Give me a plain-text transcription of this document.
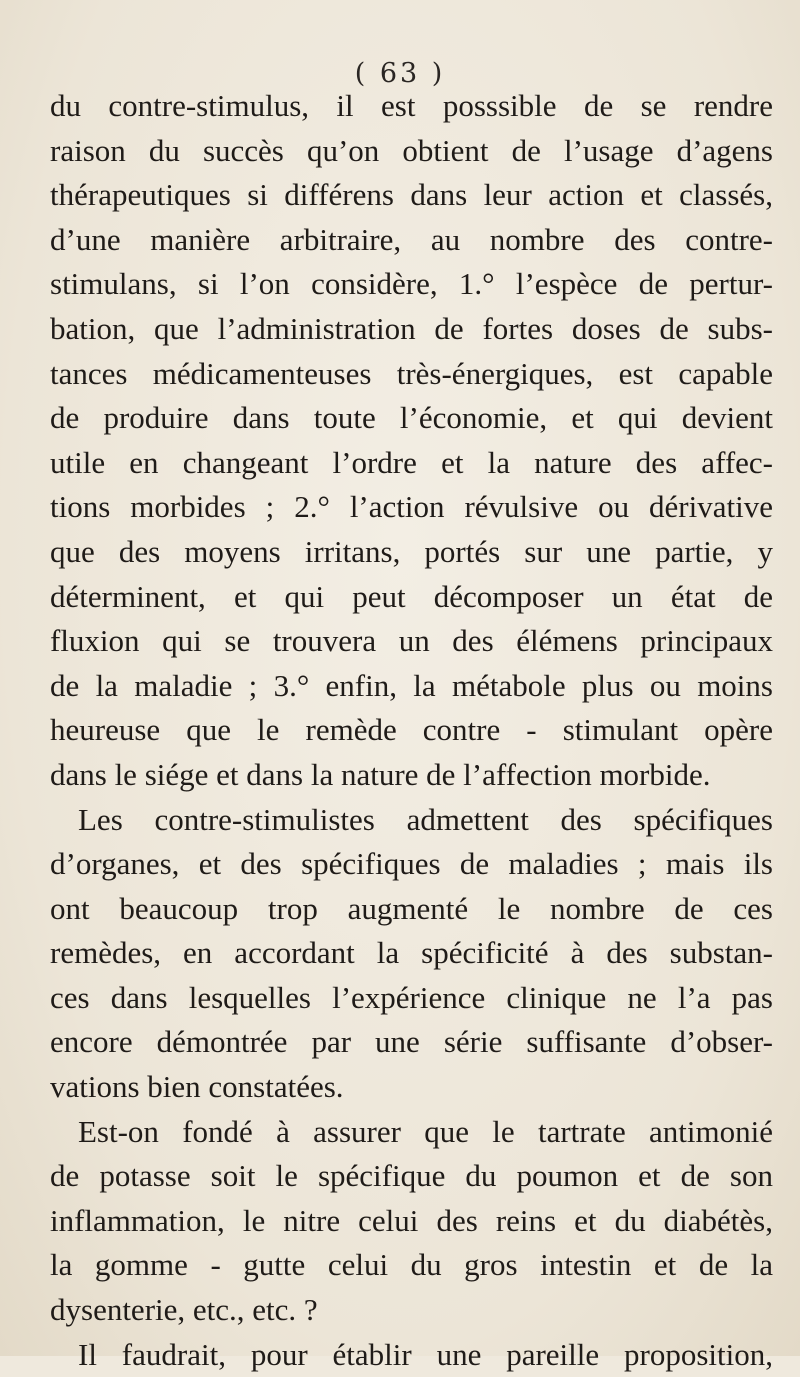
( 63 )
du contre-stimulus, il est posssible de se rendre
raison du succès qu’on obtient de l’usage d’agens
thérapeutiques si différens dans leur action et classés,
d’une manière arbitraire, au nombre des contre-
stimulans, si l’on considère, 1.° l’espèce de pertur-
bation, que l’administration de fortes doses de subs-
tances médicamenteuses très-énergiques, est capable
de produire dans toute l’économie, et qui devient
utile en changeant l’ordre et la nature des affec-
tions morbides ; 2.° l’action révulsive ou dérivative
que des moyens irritans, portés sur une partie, y
déterminent, et qui peut décomposer un état de
fluxion qui se trouvera un des élémens principaux
de la maladie ; 3.° enfin, la métabole plus ou moins
heureuse que le remède contre - stimulant opère
dans le siége et dans la nature de l’affection morbide.
Les contre-stimulistes admettent des spécifiques
d’organes, et des spécifiques de maladies ; mais ils
ont beaucoup trop augmenté le nombre de ces
remèdes, en accordant la spécificité à des substan-
ces dans lesquelles l’expérience clinique ne l’a pas
encore démontrée par une série suffisante d’obser-
vations bien constatées.
Est-on fondé à assurer que le tartrate antimonié
de potasse soit le spécifique du poumon et de son
inflammation, le nitre celui des reins et du diabétès,
la gomme - gutte celui du gros intestin et de la
dysenterie, etc., etc. ?
Il faudrait, pour établir une pareille proposition,
